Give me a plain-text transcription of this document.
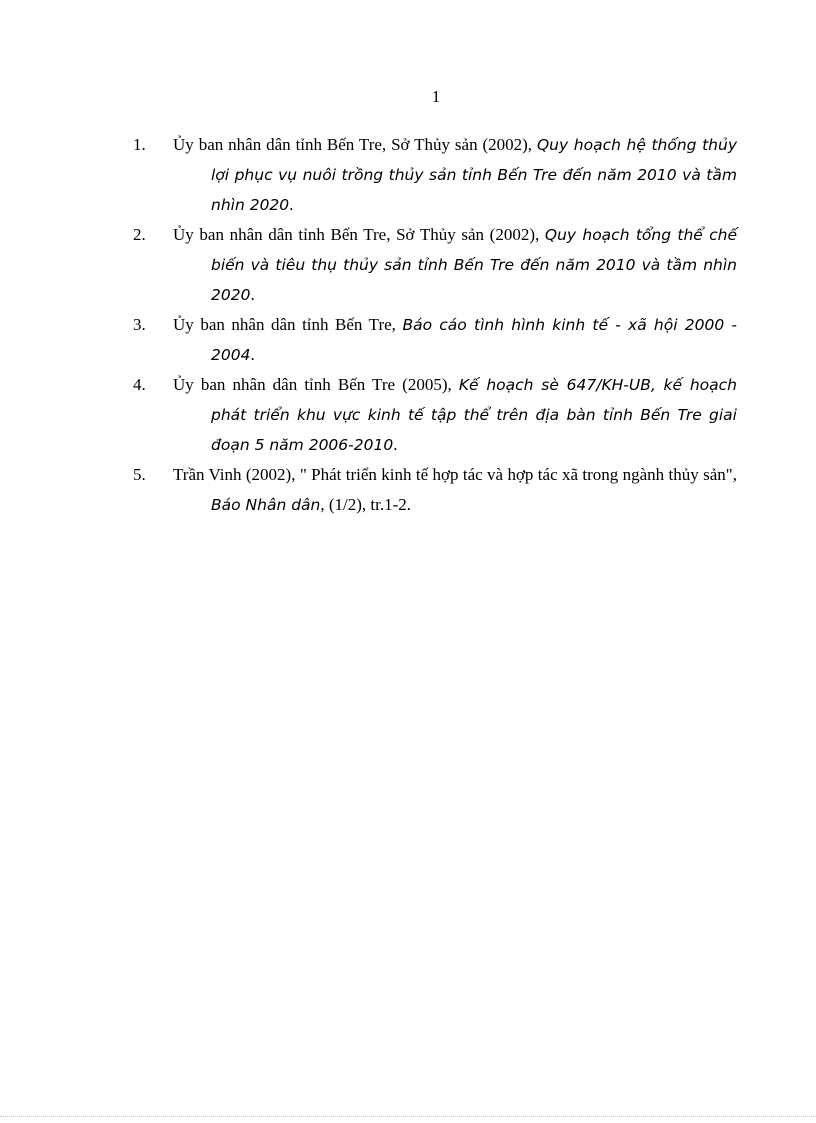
1
1.	Ủy ban nhân dân tỉnh Bến Tre, Sở Thủy sản (2002), Quy hoạch hệ thống thủy lợi phục vụ nuôi trồng thủy sản tỉnh Bến Tre đến năm 2010 và tầm nhìn 2020.
2.	Ủy ban nhân dân tỉnh Bến Tre, Sở Thủy sản (2002), Quy hoạch tổng thể chế biến và tiêu thụ thủy sản tỉnh Bến Tre đến năm 2010 và tầm nhìn 2020.
3.	Ủy ban nhân dân tỉnh Bến Tre, Báo cáo tình hình kinh tế - xã hội 2000 - 2004.
4.	Ủy ban nhân dân tỉnh Bến Tre (2005), Kế hoạch sè 647/KH-UB, kế hoạch phát triển khu vực kinh tế tập thể trên địa bàn tỉnh Bến Tre giai đoạn 5 năm 2006-2010.
5.	Trần Vinh (2002), " Phát triển kinh tế hợp tác và hợp tác xã trong ngành thủy sản", Báo Nhân dân, (1/2), tr.1-2.
